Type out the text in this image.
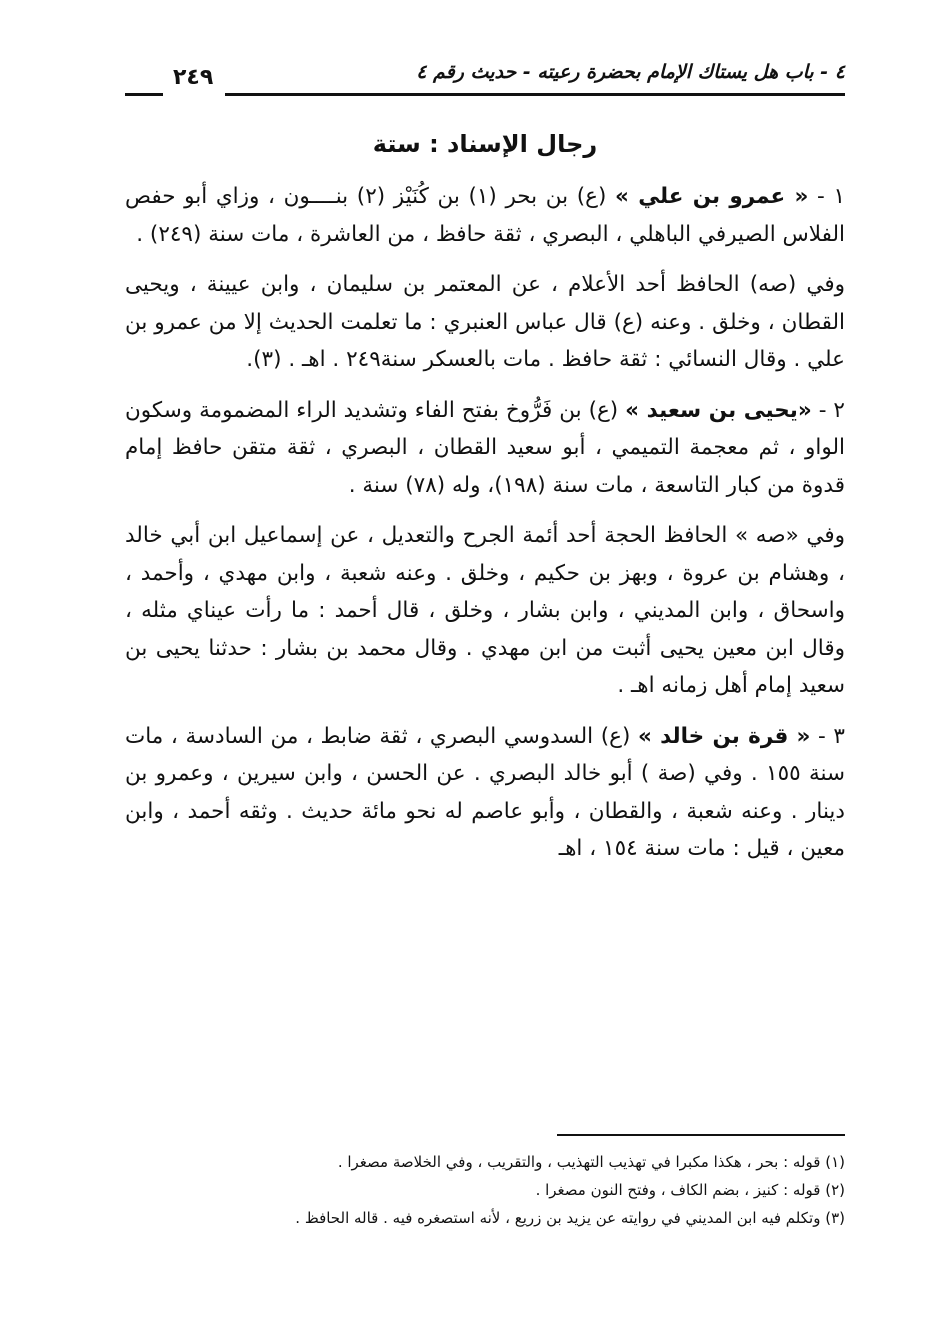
٤ - باب هل يستاك الإمام بحضرة رعيته - حديث رقم ٤
٢٤٩
رجال الإسناد : ستة

١ - « عمرو بن علي » (ع) بن بحر (١) بن كُنَيْز (٢) بنــــون ، وزاي أبو حفص الفلاس الصيرفي الباهلي ، البصري ، ثقة حافظ ، من العاشرة ، مات سنة (٢٤٩) .

وفي (صه) الحافظ أحد الأعلام ، عن المعتمر بن سليمان ، وابن عيينة ، ويحيى القطان ، وخلق . وعنه (ع) قال عباس العنبري : ما تعلمت الحديث إلا من عمرو بن علي . وقال النسائي : ثقة حافظ . مات بالعسكر سنة٢٤٩ . اهـ . (٣).

٢ - «يحيى بن سعيد » (ع) بن فَرُّوخ بفتح الفاء وتشديد الراء المضمومة وسكون الواو ، ثم معجمة التميمي ، أبو سعيد القطان ، البصري ، ثقة متقن حافظ إمام قدوة من كبار التاسعة ، مات سنة (١٩٨)، وله (٧٨) سنة .

وفي «صه » الحافظ الحجة أحد أئمة الجرح والتعديل ، عن إسماعيل ابن أبي خالد ، وهشام بن عروة ، وبهز بن حكيم ، وخلق . وعنه شعبة ، وابن مهدي ، وأحمد ، واسحاق ، وابن المديني ، وابن بشار ، وخلق ، قال أحمد : ما رأت عيناي مثله ، وقال ابن معين يحيى أثبت من ابن مهدي . وقال محمد بن بشار : حدثنا يحيى بن سعيد إمام أهل زمانه اهـ .

٣ - « قرة بن خالد » (ع) السدوسي البصري ، ثقة ضابط ، من السادسة ، مات سنة ١٥٥ . وفي (صة ) أبو خالد البصري . عن الحسن ، وابن سيرين ، وعمرو بن دينار . وعنه شعبة ، والقطان ، وأبو عاصم له نحو مائة حديث . وثقه أحمد ، وابن معين ، قيل : مات سنة ١٥٤ ، اهـ

(١) قوله : بحر ، هكذا مكبرا في تهذيب التهذيب ، والتقريب ، وفي الخلاصة مصغرا .

(٢) قوله : كنيز ، بضم الكاف ، وفتح النون مصغرا .

(٣) وتكلم فيه ابن المديني في روايته عن يزيد بن زريع ، لأنه استصغره فيه . قاله الحافظ .
